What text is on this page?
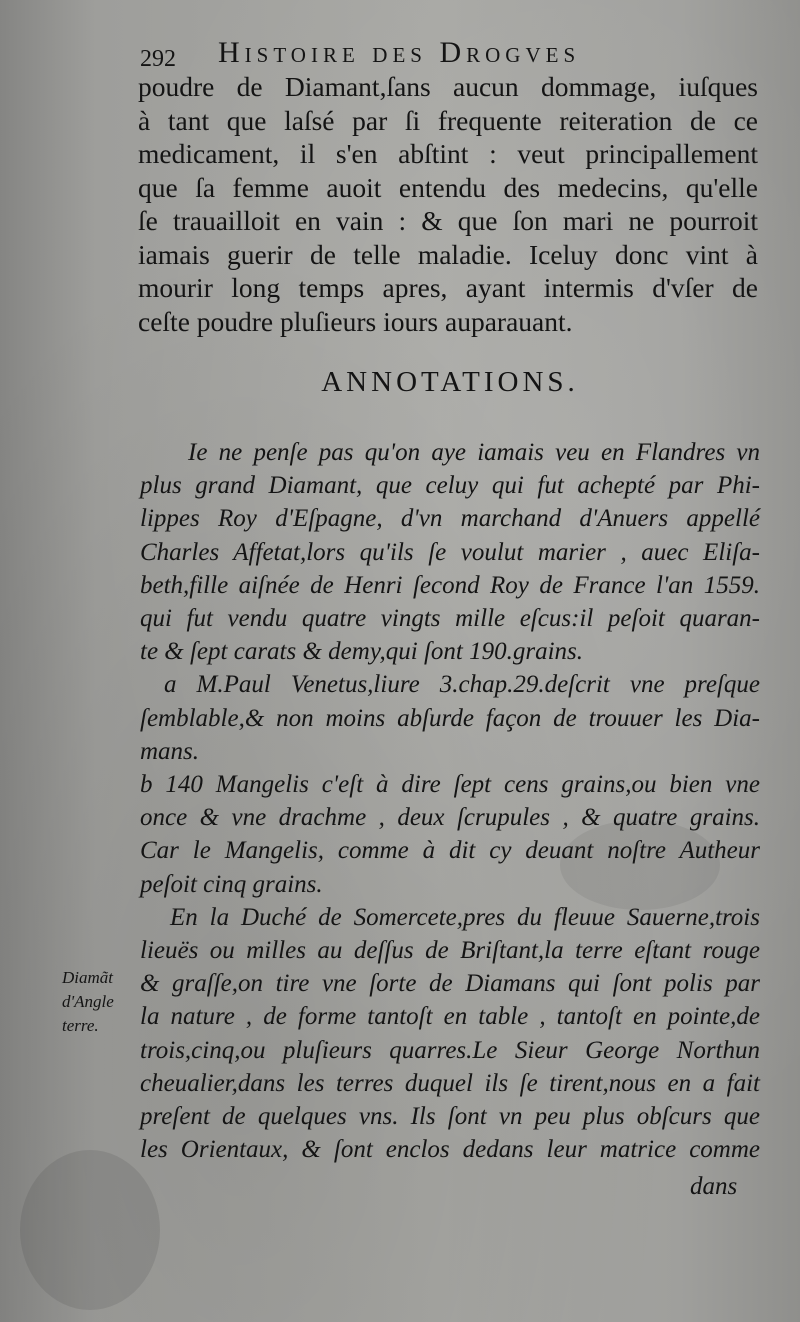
292 Histoire des Drogves
poudre de Diamant,ſans aucun dommage, iuſques
à tant que laſsé par ſi frequente reiteration de ce
medicament, il s'en abſtint : veut principallement
que ſa femme auoit entendu des medecins, qu'elle
ſe trauailloit en vain : & que ſon mari ne pourroit
iamais guerir de telle maladie. Iceluy donc vint à
mourir long temps apres, ayant intermis d'vſer de
ceſte poudre pluſieurs iours auparauant.
ANNOTATIONS.
Ie ne penſe pas qu'on aye iamais veu en Flandres vn
plus grand Diamant, que celuy qui fut achepté par Phi-
lippes Roy d'Eſpagne, d'vn marchand d'Anuers appellé
Charles Affetat,lors qu'ils ſe voulut marier , auec Eliſa-
beth,fille aiſnée de Henri ſecond Roy de France l'an 1559.
qui fut vendu quatre vingts mille eſcus:il peſoit quaran-
te & ſept carats & demy,qui ſont 190.grains.
a M.Paul Venetus,liure 3.chap.29.deſcrit vne preſque
ſemblable,& non moins abſurde façon de trouuer les Dia-
mans.
b 140 Mangelis c'eſt à dire ſept cens grains,ou bien vne
once & vne drachme , deux ſcrupules , & quatre grains.
Car le Mangelis, comme à dit cy deuant noſtre Autheur
peſoit cinq grains.
En la Duché de Somercete,pres du fleuue Sauerne,trois
lieuës ou milles au deſſus de Briſtant,la terre eſtant rouge
& graſſe,on tire vne ſorte de Diamans qui ſont polis par
la nature , de forme tantoſt en table , tantoſt en pointe,de
trois,cinq,ou pluſieurs quarres.Le Sieur George Northun
cheualier,dans les terres duquel ils ſe tirent,nous en a fait
preſent de quelques vns. Ils ſont vn peu plus obſcurs que
les Orientaux, & ſont enclos dedans leur matrice comme
dans
Diamãt
d'Angle
terre.
